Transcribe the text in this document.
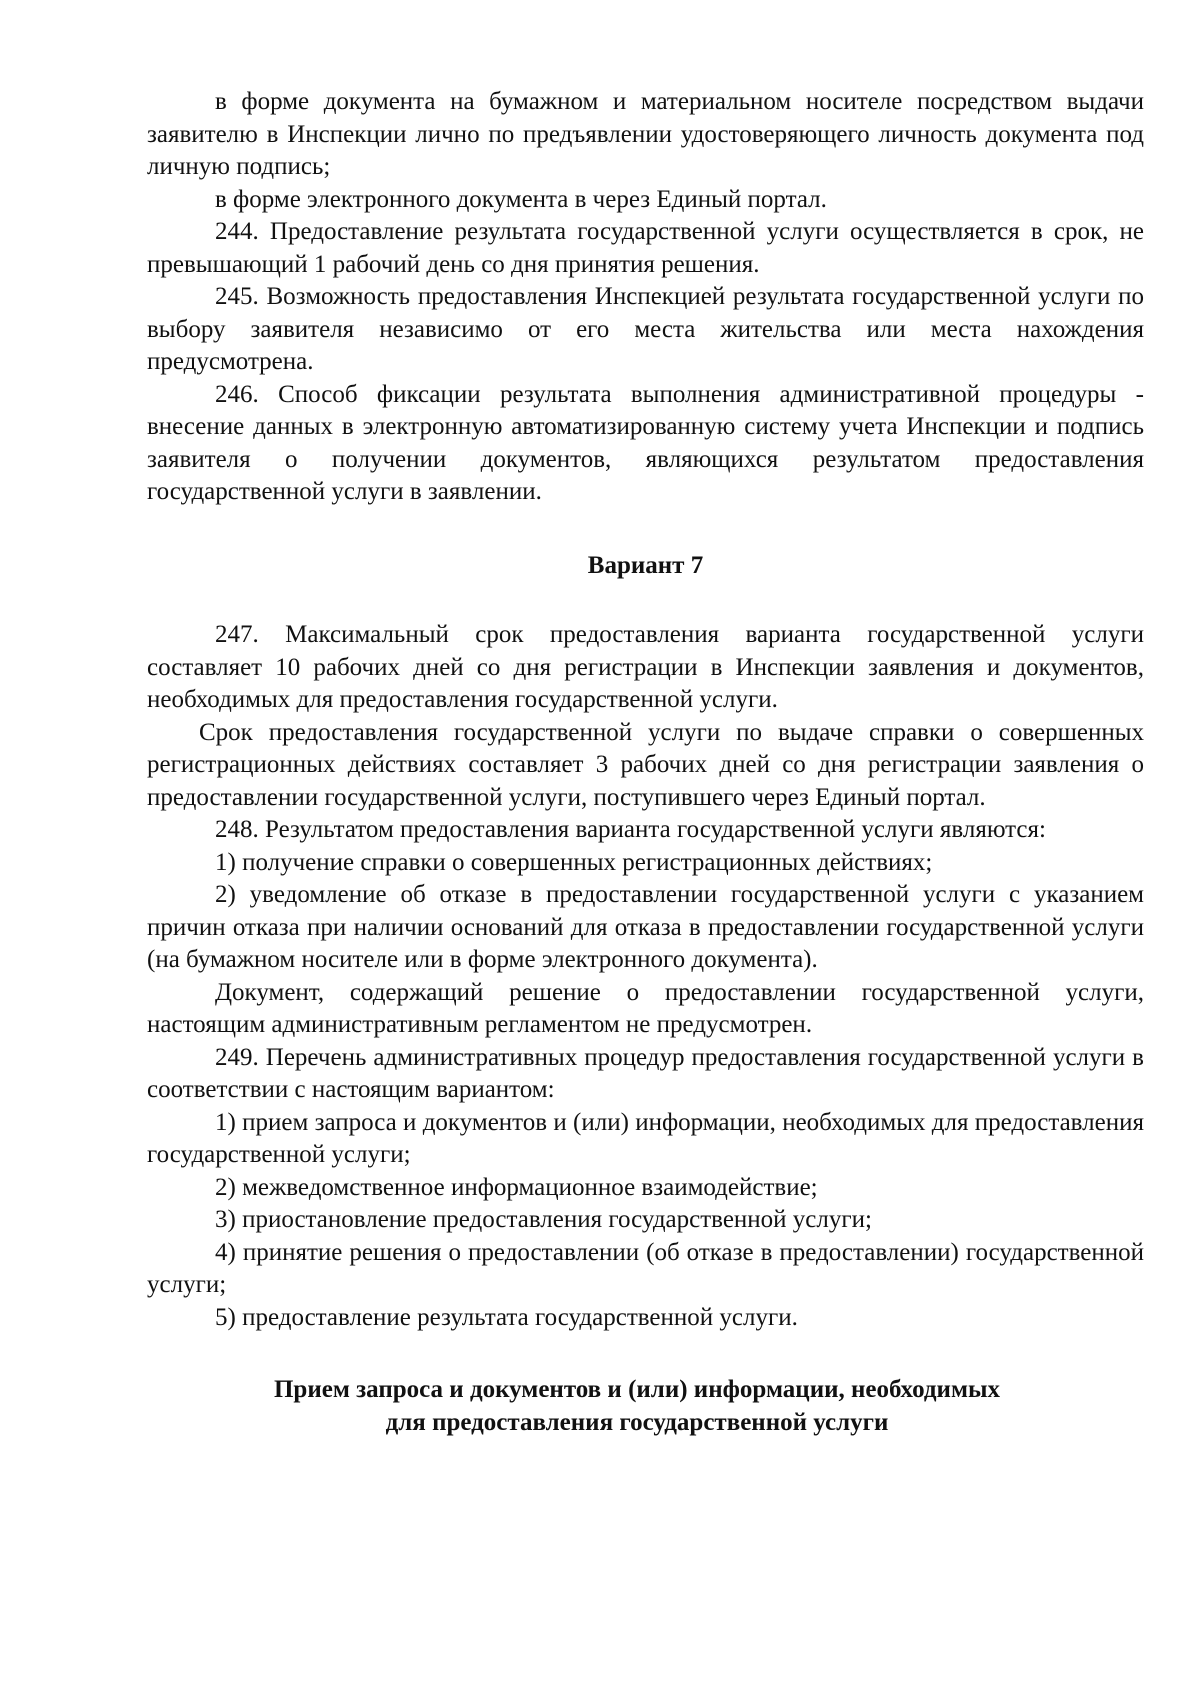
в форме документа на бумажном и материальном носителе посредством выдачи заявителю в Инспекции лично по предъявлении удостоверяющего личность документа под личную подпись;

в форме электронного документа в через Единый портал.

244. Предоставление результата государственной услуги осуществляется в срок, не превышающий 1 рабочий день со дня принятия решения.

245. Возможность предоставления Инспекцией результата государственной услуги по выбору заявителя независимо от его места жительства или места нахождения предусмотрена.

246. Способ фиксации результата выполнения административной процедуры - внесение данных в электронную автоматизированную систему учета Инспекции и подпись заявителя о получении документов, являющихся результатом предоставления государственной услуги в заявлении.

Вариант 7

247. Максимальный срок предоставления варианта государственной услуги составляет 10 рабочих дней со дня регистрации в Инспекции заявления и документов, необходимых для предоставления государственной услуги.

Срок предоставления государственной услуги по выдаче справки о совершенных регистрационных действиях составляет 3 рабочих дней со дня регистрации заявления о предоставлении государственной услуги, поступившего через Единый портал.

248. Результатом предоставления варианта государственной услуги являются:

1) получение справки о совершенных регистрационных действиях;

2) уведомление об отказе в предоставлении государственной услуги с указанием причин отказа при наличии оснований для отказа в предоставлении государственной услуги (на бумажном носителе или в форме электронного документа).

Документ, содержащий решение о предоставлении государственной услуги, настоящим административным регламентом не предусмотрен.

249. Перечень административных процедур предоставления государственной услуги в соответствии с настоящим вариантом:

1) прием запроса и документов и (или) информации, необходимых для предоставления государственной услуги;

2) межведомственное информационное взаимодействие;

3) приостановление предоставления государственной услуги;

4) принятие решения о предоставлении (об отказе в предоставлении) государственной услуги;

5) предоставление результата государственной услуги.

Прием запроса и документов и (или) информации, необходимых

для предоставления государственной услуги
